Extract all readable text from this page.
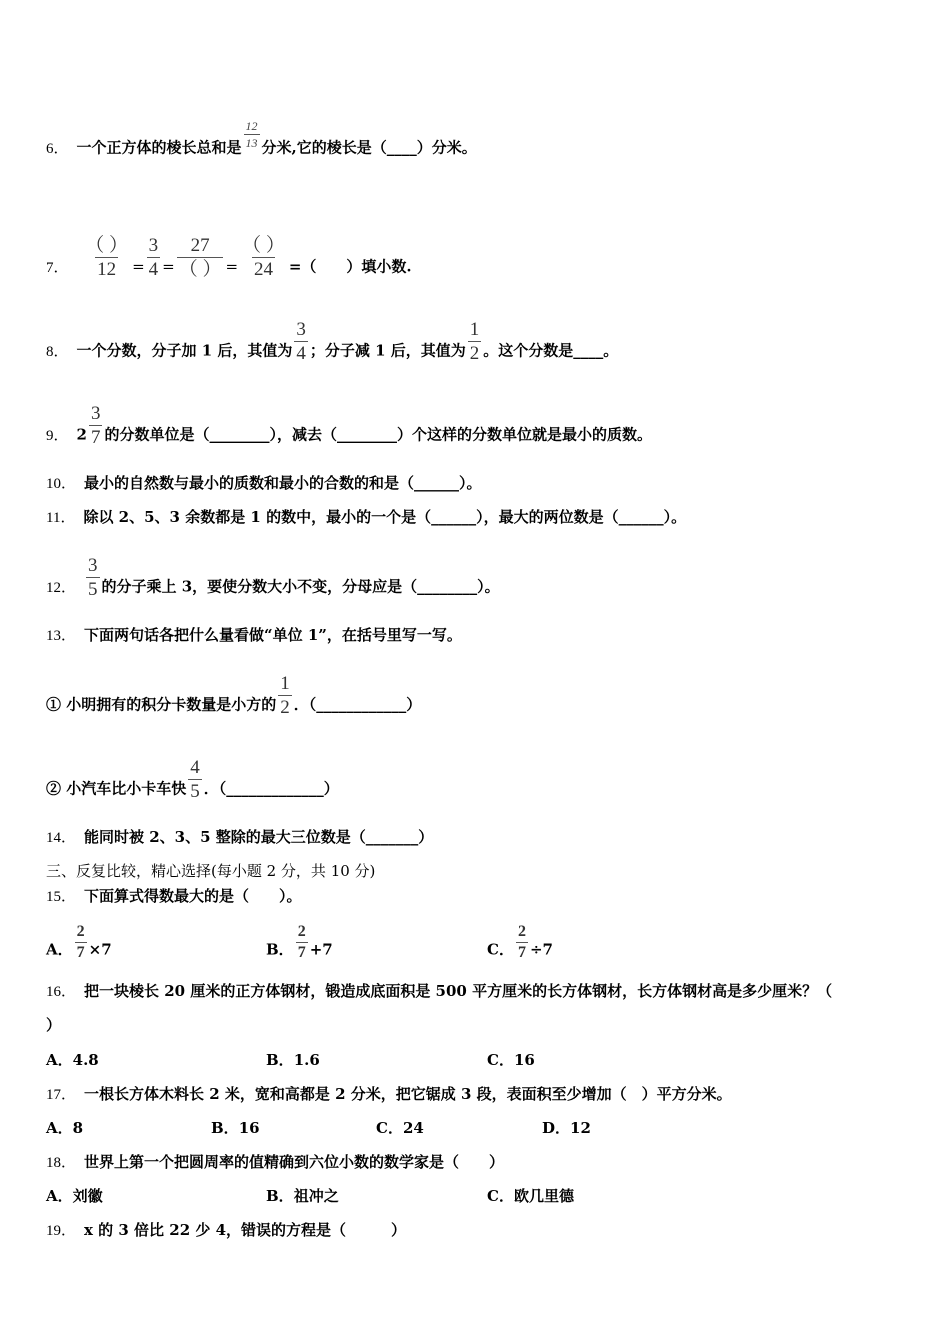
6． 一个正方体的棱长总和是 $\frac{12}{13}$ 分米,它的棱长是（____）分米。
7． $\frac{( )}{12} = \frac{3}{4} = \frac{27}{( )} = \frac{( )}{24}$ =（　　）填小数.
8． 一个分数，分子加 1 后，其值为 $\frac{3}{4}$ ；分子减 1 后，其值为 $\frac{1}{2}$ 。这个分数是____。
9． $2 \frac{3}{7}$ 的分数单位是（________），减去（________）个这样的分数单位就是最小的质数。
10． 最小的自然数与最小的质数和最小的合数的和是（______）。
11． 除以 2、5、3 余数都是 1 的数中，最小的一个是（______），最大的两位数是（______）。
12． $\frac{3}{5}$ 的分子乘上 3，要使分数大小不变，分母应是（________）。
13． 下面两句话各把什么量看做“单位 1”，在括号里写一写。
① 小明拥有的积分卡数量是小方的 $\frac{1}{2}$ ．（____________）
② 小汽车比小卡车快 $\frac{4}{5}$ ．（_____________）
14． 能同时被 2、3、5 整除的最大三位数是（_______）
三、反复比较，精心选择(每小题 2 分，共 10 分)
15． 下面算式得数最大的是（　　）。
A． $\frac{2}{7} \times 7$	B． $\frac{2}{7} +7$	C． $\frac{2}{7} \div 7$
16． 把一块棱长 20 厘米的正方体钢材，锻造成底面积是 500 平方厘米的长方体钢材，长方体钢材高是多少厘米？（
）
A．4.8	B．1.6	C．16
17． 一根长方体木料长 2 米，宽和高都是 2 分米，把它锯成 3 段，表面积至少增加（　）平方分米。
A．8	B．16	C．24	D．12
18． 世界上第一个把圆周率的值精确到六位小数的数学家是（　　）
A．刘徽	B．祖冲之	C．欧几里德
19． x 的 3 倍比 22 少 4，错误的方程是（　　　）
